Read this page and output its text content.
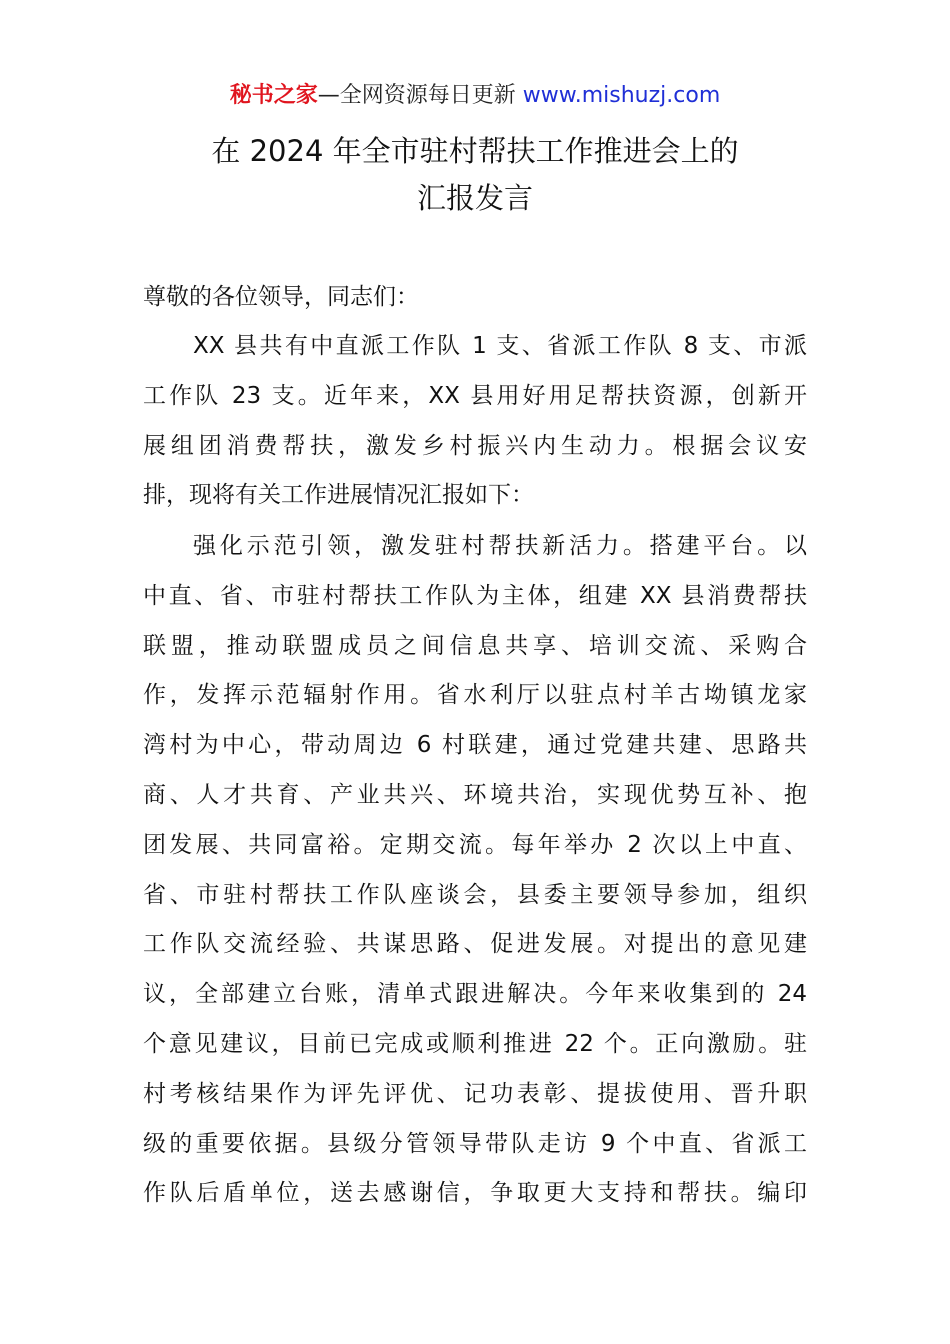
秘书之家—全网资源每日更新 www.mishuzj.com
在 2024 年全市驻村帮扶工作推进会上的
汇报发言
尊敬的各位领导，同志们：
XX 县共有中直派工作队 1 支、省派工作队 8 支、市派
工作队 23 支。近年来，XX 县用好用足帮扶资源，创新开
展组团消费帮扶，激发乡村振兴内生动力。根据会议安
排，现将有关工作进展情况汇报如下：
强化示范引领，激发驻村帮扶新活力。搭建平台。以
中直、省、市驻村帮扶工作队为主体，组建 XX 县消费帮扶
联盟，推动联盟成员之间信息共享、培训交流、采购合
作，发挥示范辐射作用。省水利厅以驻点村羊古坳镇龙家
湾村为中心，带动周边 6 村联建，通过党建共建、思路共
商、人才共育、产业共兴、环境共治，实现优势互补、抱
团发展、共同富裕。定期交流。每年举办 2 次以上中直、
省、市驻村帮扶工作队座谈会，县委主要领导参加，组织
工作队交流经验、共谋思路、促进发展。对提出的意见建
议，全部建立台账，清单式跟进解决。今年来收集到的 24
个意见建议，目前已完成或顺利推进 22 个。正向激励。驻
村考核结果作为评先评优、记功表彰、提拔使用、晋升职
级的重要依据。县级分管领导带队走访 9 个中直、省派工
作队后盾单位，送去感谢信，争取更大支持和帮扶。编印
